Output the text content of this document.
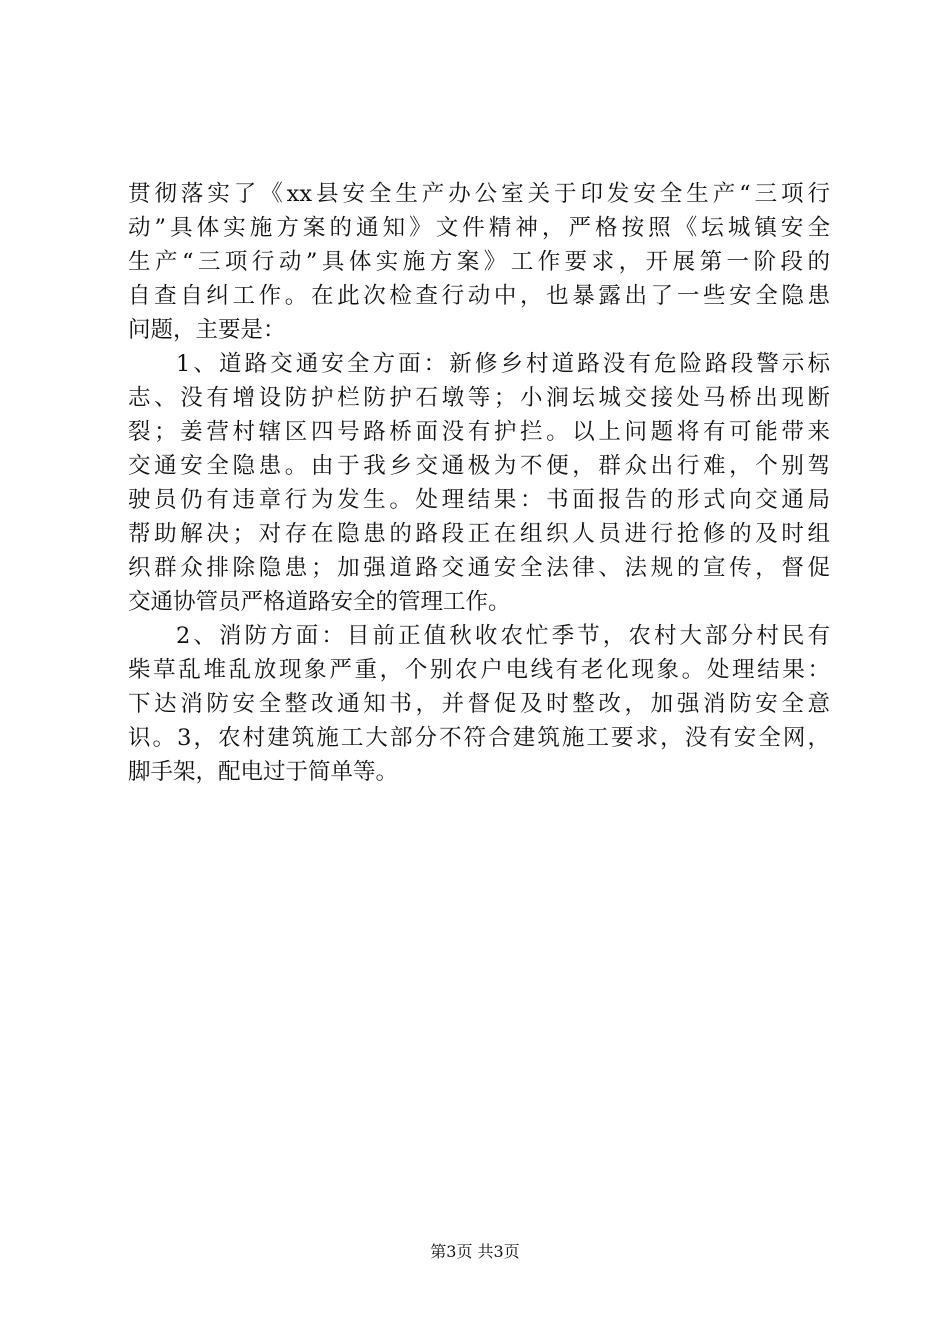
贯彻落实了《xx县安全生产办公室关于印发安全生产“三项行
动”具体实施方案的通知》文件精神，严格按照《坛城镇安全
生产“三项行动”具体实施方案》工作要求，开展第一阶段的
自查自纠工作。在此次检查行动中，也暴露出了一些安全隐患
问题，主要是：
1、道路交通安全方面：新修乡村道路没有危险路段警示标
志、没有增设防护栏防护石墩等；小涧坛城交接处马桥出现断
裂；姜营村辖区四号路桥面没有护拦。以上问题将有可能带来
交通安全隐患。由于我乡交通极为不便，群众出行难，个别驾
驶员仍有违章行为发生。处理结果：书面报告的形式向交通局
帮助解决；对存在隐患的路段正在组织人员进行抢修的及时组
织群众排除隐患；加强道路交通安全法律、法规的宣传，督促
交通协管员严格道路安全的管理工作。
2、消防方面：目前正值秋收农忙季节，农村大部分村民有
柴草乱堆乱放现象严重，个别农户电线有老化现象。处理结果：
下达消防安全整改通知书，并督促及时整改，加强消防安全意
识。3，农村建筑施工大部分不符合建筑施工要求，没有安全网，
脚手架，配电过于简单等。
第3页 共3页
